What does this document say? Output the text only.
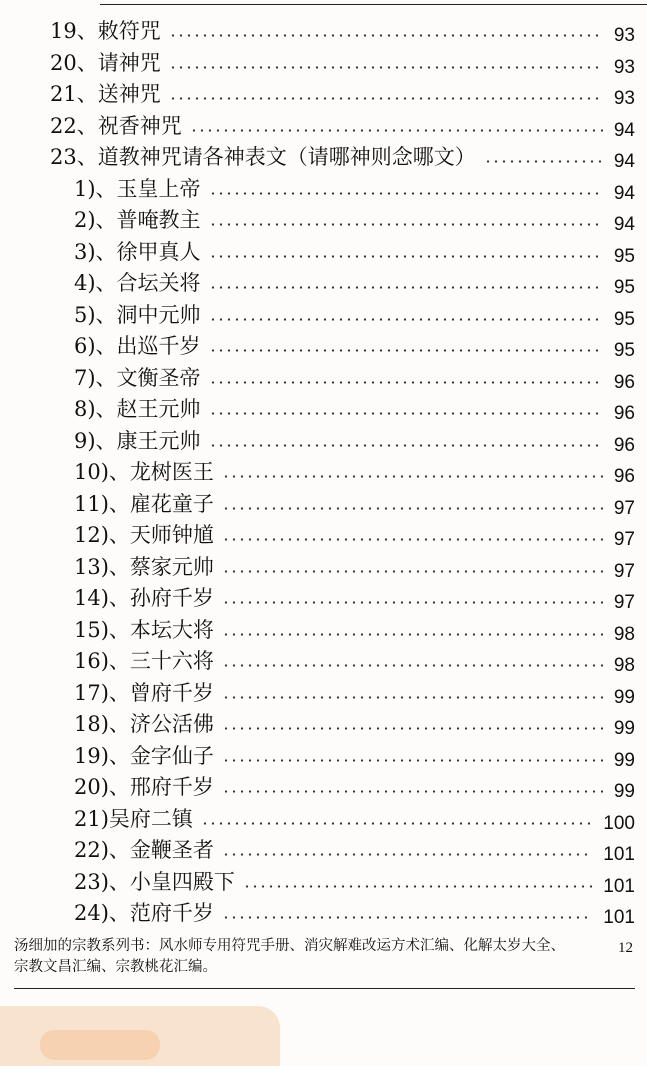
19、敕符咒	93
20、请神咒	93
21、送神咒	93
22、祝香神咒	94
23、道教神咒请各神表文（请哪神则念哪文）	94
1)、玉皇上帝	94
2)、普唵教主	94
3)、徐甲真人	95
4)、合坛关将	95
5)、洞中元帅	95
6)、出巡千岁	95
7)、文衡圣帝	96
8)、赵王元帅	96
9)、康王元帅	96
10)、龙树医王	96
11)、雇花童子	97
12)、天师钟馗	97
13)、蔡家元帅	97
14)、孙府千岁	97
15)、本坛大将	98
16)、三十六将	98
17)、曾府千岁	99
18)、济公活佛	99
19)、金字仙子	99
20)、邢府千岁	99
21)吴府二镇	100
22)、金鞭圣者	101
23)、小皇四殿下	101
24)、范府千岁	101
汤细加的宗教系列书：风水师专用符咒手册、消灾解难改运方术汇编、化解太岁大全、宗教文昌汇编、宗教桃花汇编。
12
